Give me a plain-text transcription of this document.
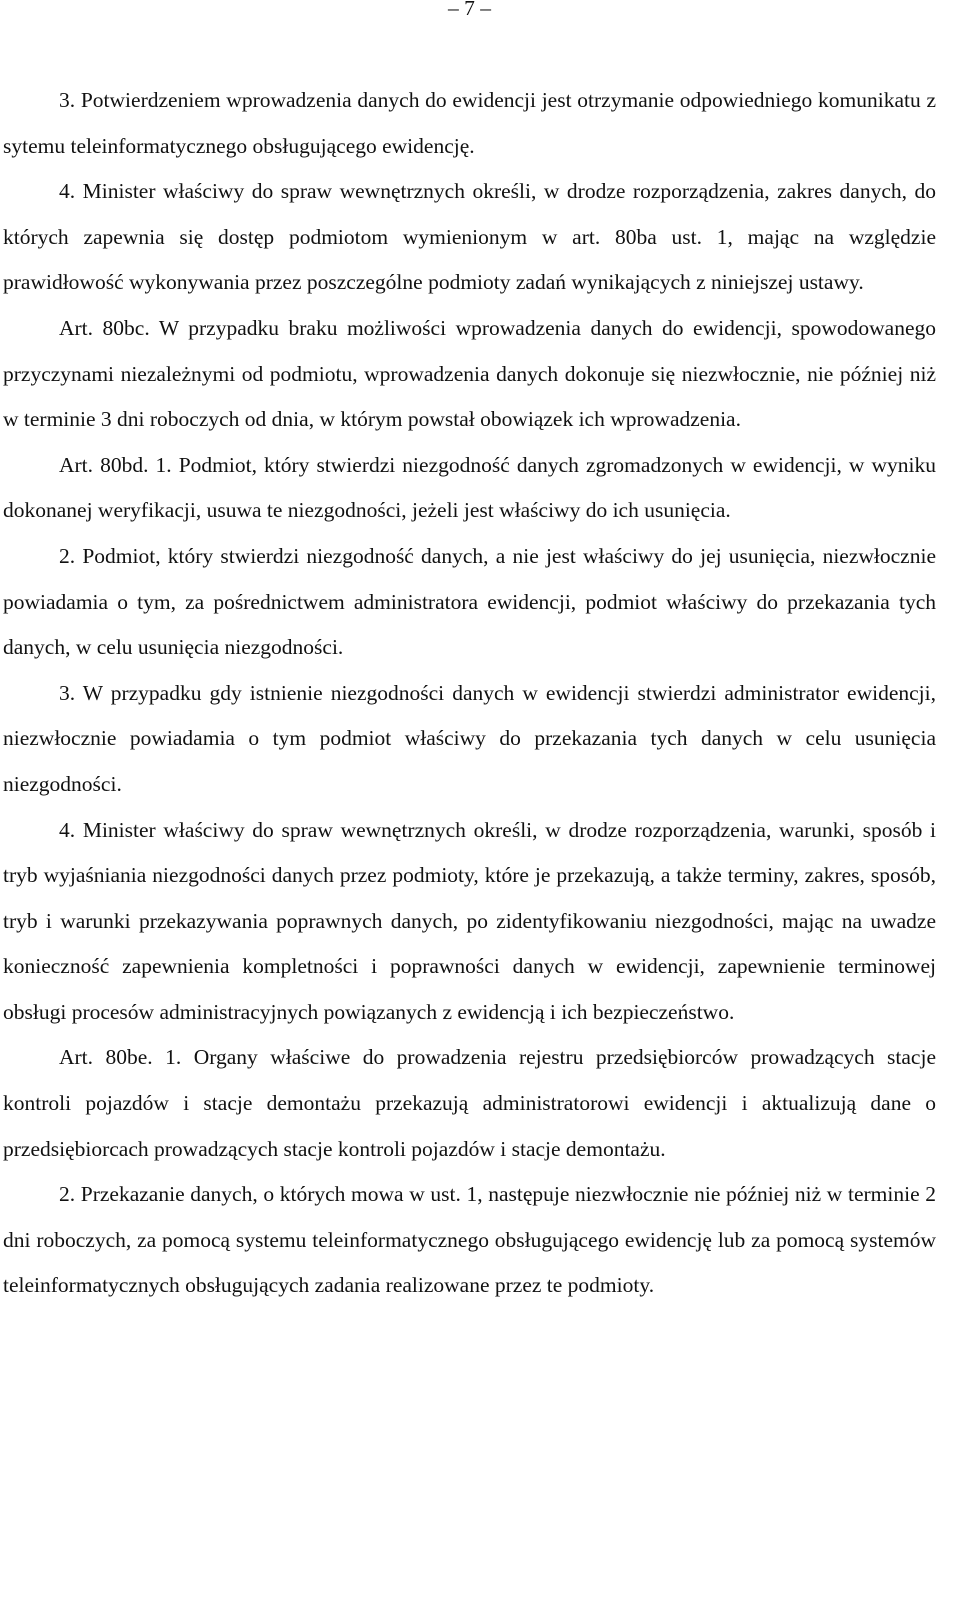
– 7 –

3. Potwierdzeniem wprowadzenia danych do ewidencji jest otrzymanie odpowiedniego komunikatu z sytemu teleinformatycznego obsługującego ewidencję.

4. Minister właściwy do spraw wewnętrznych określi, w drodze rozporządzenia, zakres danych, do których zapewnia się dostęp podmiotom wymienionym w art. 80ba ust. 1, mając na względzie prawidłowość wykonywania przez poszczególne podmioty zadań wynikających z niniejszej ustawy.

Art. 80bc. W przypadku braku możliwości wprowadzenia danych do ewidencji, spowodowanego przyczynami niezależnymi od podmiotu, wprowadzenia danych dokonuje się niezwłocznie, nie później niż w terminie 3 dni roboczych od dnia, w którym powstał obowiązek ich wprowadzenia.

Art. 80bd. 1. Podmiot, który stwierdzi niezgodność danych zgromadzonych w ewidencji, w wyniku dokonanej weryfikacji, usuwa te niezgodności, jeżeli jest właściwy do ich usunięcia.

2. Podmiot, który stwierdzi niezgodność danych, a nie jest właściwy do jej usunięcia, niezwłocznie powiadamia o tym, za pośrednictwem administratora ewidencji, podmiot właściwy do przekazania tych danych, w celu usunięcia niezgodności.

3. W przypadku gdy istnienie niezgodności danych w ewidencji stwierdzi administrator ewidencji, niezwłocznie powiadamia o tym podmiot właściwy do przekazania tych danych w celu usunięcia niezgodności.

4. Minister właściwy do spraw wewnętrznych określi, w drodze rozporządzenia, warunki, sposób i tryb wyjaśniania niezgodności danych przez podmioty, które je przekazują, a także terminy, zakres, sposób, tryb i warunki przekazywania poprawnych danych, po zidentyfikowaniu niezgodności, mając na uwadze konieczność zapewnienia kompletności i poprawności danych w ewidencji, zapewnienie terminowej obsługi procesów administracyjnych powiązanych z ewidencją i ich bezpieczeństwo.

Art. 80be. 1. Organy właściwe do prowadzenia rejestru przedsiębiorców prowadzących stacje kontroli pojazdów i stacje demontażu przekazują administratorowi ewidencji i aktualizują dane o przedsiębiorcach prowadzących stacje kontroli pojazdów i stacje demontażu.

2. Przekazanie danych, o których mowa w ust. 1, następuje niezwłocznie nie później niż w terminie 2 dni roboczych, za pomocą systemu teleinformatycznego obsługującego ewidencję lub za pomocą systemów teleinformatycznych obsługujących zadania realizowane przez te podmioty.
